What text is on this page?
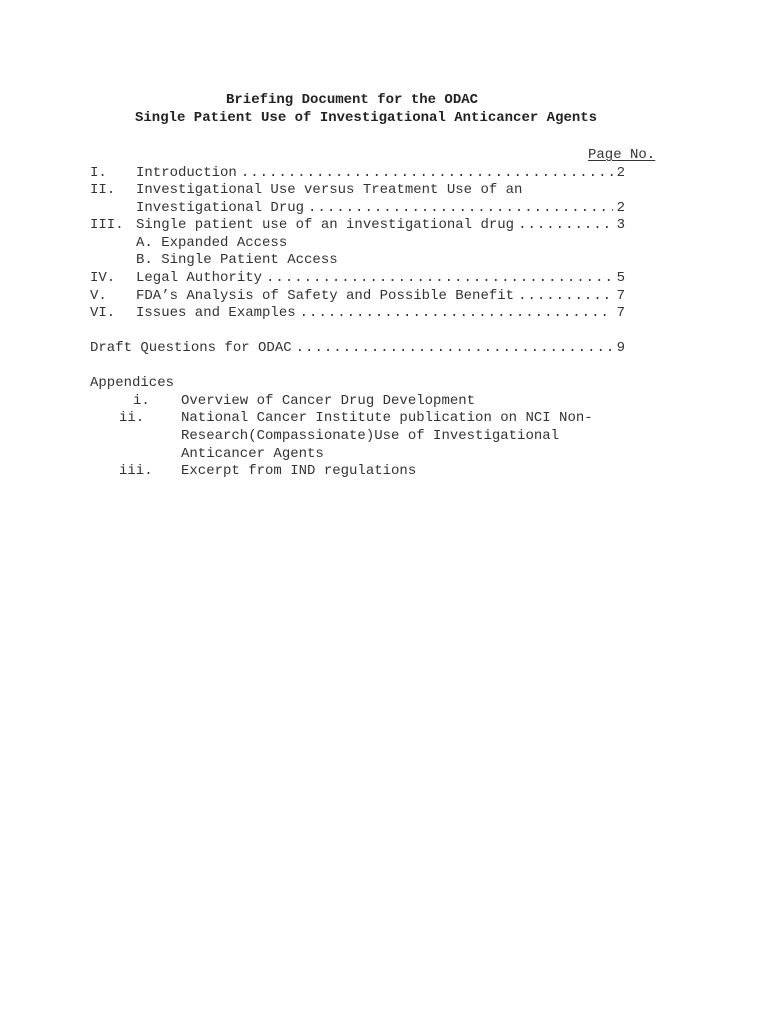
Briefing Document for the ODAC
Single Patient Use of Investigational Anticancer Agents
Page No.
I. Introduction .....	2
II. Investigational Use versus Treatment Use of an
Investigational Drug .....	2
III. Single patient use of an investigational drug .....	3
A. Expanded Access
B. Single Patient Access
IV. Legal Authority .....	5
V. FDA’s Analysis of Safety and Possible Benefit .....	7
VI. Issues and Examples .....	7
Draft Questions for ODAC .....	9
Appendices
i. Overview of Cancer Drug Development
ii.	National Cancer Institute publication on NCI Non-
Research(Compassionate)Use of Investigational
Anticancer Agents
iii. Excerpt from IND regulations
